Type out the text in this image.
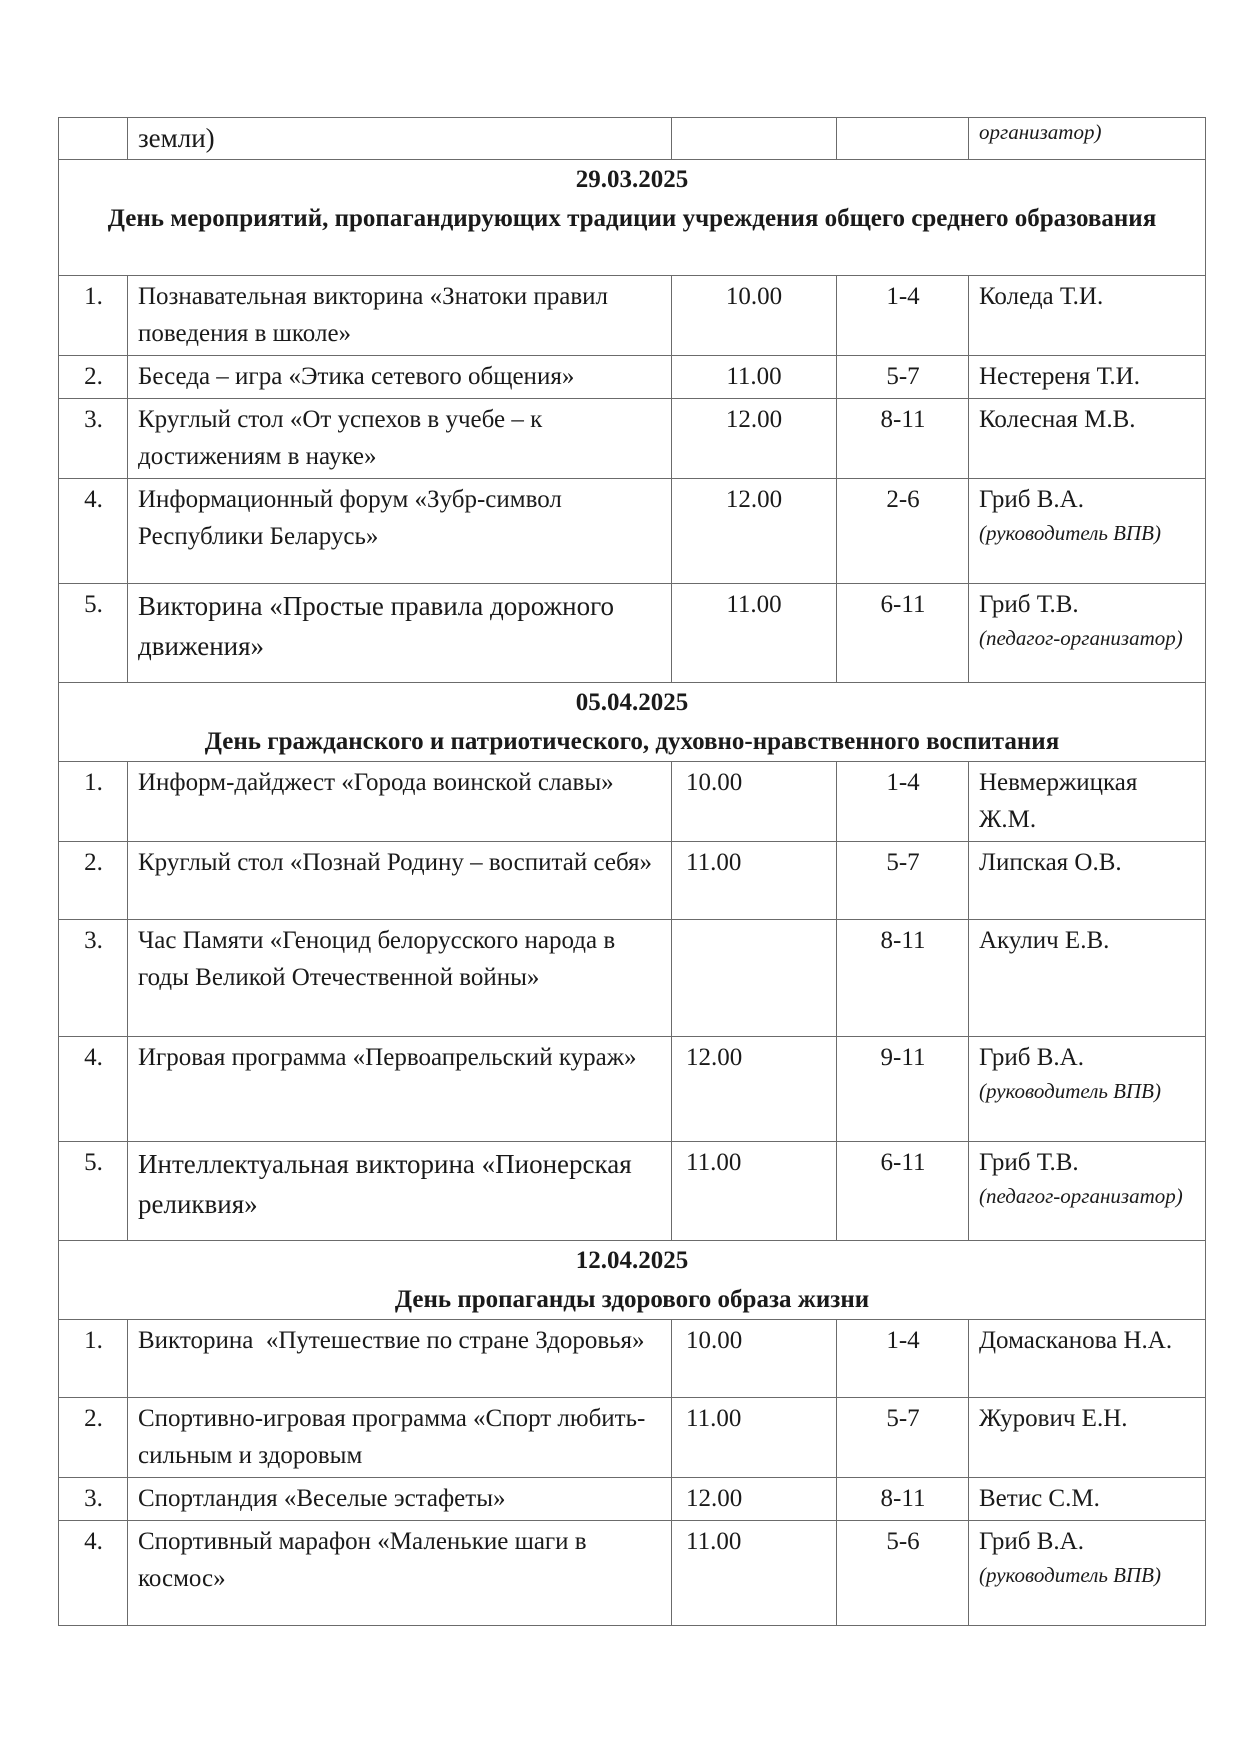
	земли)			организатор)

29.03.2025
День мероприятий, пропагандирующих традиции учреждения общего среднего образования				

1.	Познавательная викторина «Знатоки правил поведения в школе»	10.00	1-4	Коледа Т.И.

2.	Беседа – игра «Этика сетевого общения»	11.00	5-7	Нестереня Т.И.

3.	Круглый стол «От успехов в учебе – к достижениям в науке»	12.00	8-11	Колесная М.В.

4.	Информационный форум «Зубр-символ Республики Беларусь»	12.00	2-6	Гриб В.А.
(руководитель ВПВ)

5.	Викторина «Простые правила дорожного движения»	11.00	6-11	Гриб Т.В.
(педагог-организатор)

05.04.2025
День гражданского и патриотического, духовно-нравственного воспитания				

1.	Информ-дайджест «Города воинской славы»	10.00	1-4	Невмержицкая Ж.М.

2.	Круглый стол «Познай Родину – воспитай себя»	11.00	5-7	Липская О.В.

3.	Час Памяти «Геноцид белорусского народа в годы Великой Отечественной войны»		8-11	Акулич Е.В.

4.	Игровая программа «Первоапрельский кураж»	12.00	9-11	Гриб В.А.
(руководитель ВПВ)

5.	Интеллектуальная викторина «Пионерская реликвия»	11.00	6-11	Гриб Т.В.
(педагог-организатор)

12.04.2025
День пропаганды здорового образа жизни				

1.	Викторина  «Путешествие по стране Здоровья»	10.00	1-4	Домасканова Н.А.

2.	Спортивно-игровая программа «Спорт любить-сильным и здоровым	11.00	5-7	Журович Е.Н.

3.	Спортландия «Веселые эстафеты»	12.00	8-11	Ветис С.М.

4.	Спортивный марафон «Маленькие шаги в космос»	11.00	5-6	Гриб В.А.
(руководитель ВПВ)
